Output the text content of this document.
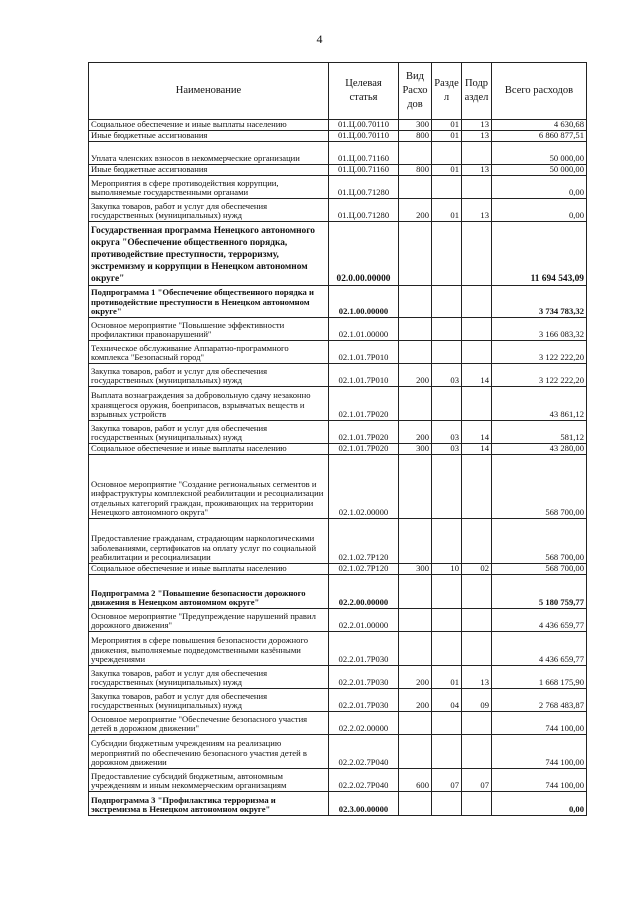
4
Наименование	Целевая статья	Вид Расхо дов	Разде л	Подр аздел	Всего расходов
Социальное обеспечение и иные выплаты населению	01.Ц.00.70110	300	01	13	4 630,68
Иные бюджетные ассигнования	01.Ц.00.70110	800	01	13	6 860 877,51
Уплата членских взносов в некоммерческие организации	01.Ц.00.71160				50 000,00
Иные бюджетные ассигнования	01.Ц.00.71160	800	01	13	50 000,00
Мероприятия в сфере противодействия коррупции, выполняемые государственными органами	01.Ц.00.71280				0,00
Закупка товаров, работ и услуг для обеспечения государственных (муниципальных) нужд	01.Ц.00.71280	200	01	13	0,00
Государственная программа Ненецкого автономного округа "Обеспечение общественного порядка, противодействие преступности, терроризму, экстремизму и коррупции в Ненецком автономном округе"	02.0.00.00000				11 694 543,09
Подпрограмма 1 "Обеспечение общественного порядка и противодействие преступности в Ненецком автономном округе"	02.1.00.00000				3 734 783,32
Основное мероприятие "Повышение эффективности профилактики правонарушений"	02.1.01.00000				3 166 083,32
Техническое обслуживание Аппаратно-программного комплекса "Безопасный город"	02.1.01.7Р010				3 122 222,20
Закупка товаров, работ и услуг для обеспечения государственных (муниципальных) нужд	02.1.01.7Р010	200	03	14	3 122 222,20
Выплата вознаграждения за добровольную сдачу незаконно хранящегося оружия, боеприпасов, взрывчатых веществ и взрывных устройств	02.1.01.7Р020				43 861,12
Закупка товаров, работ и услуг для обеспечения государственных (муниципальных) нужд	02.1.01.7Р020	200	03	14	581,12
Социальное обеспечение и иные выплаты населению	02.1.01.7Р020	300	03	14	43 280,00
Основное мероприятие "Создание региональных сегментов и инфраструктуры комплексной реабилитации и ресоциализации отдельных категорий граждан, проживающих на территории Ненецкого автономного округа"	02.1.02.00000				568 700,00
Предоставление гражданам, страдающим наркологическими заболеваниями, сертификатов на оплату услуг по социальной реабилитации и ресоциализации	02.1.02.7Р120				568 700,00
Социальное обеспечение и иные выплаты населению	02.1.02.7Р120	300	10	02	568 700,00
Подпрограмма 2 "Повышение безопасности дорожного движения в Ненецком автономном округе"	02.2.00.00000				5 180 759,77
Основное мероприятие "Предупреждение нарушений правил дорожного движения"	02.2.01.00000				4 436 659,77
Мероприятия в сфере повышения безопасности дорожного движения, выполняемые подведомственными казёнными учреждениями	02.2.01.7Р030				4 436 659,77
Закупка товаров, работ и услуг для обеспечения государственных (муниципальных) нужд	02.2.01.7Р030	200	01	13	1 668 175,90
Закупка товаров, работ и услуг для обеспечения государственных (муниципальных) нужд	02.2.01.7Р030	200	04	09	2 768 483,87
Основное мероприятие "Обеспечение безопасного участия детей в дорожном движении"	02.2.02.00000				744 100,00
Субсидии бюджетным учреждениям на реализацию мероприятий по обеспечению безопасного участия детей в дорожном движении	02.2.02.7Р040				744 100,00
Предоставление субсидий бюджетным, автономным учреждениям и иным некоммерческим организациям	02.2.02.7Р040	600	07	07	744 100,00
Подпрограмма 3 "Профилактика терроризма и экстремизма в Ненецком автономном округе"	02.3.00.00000				0,00
